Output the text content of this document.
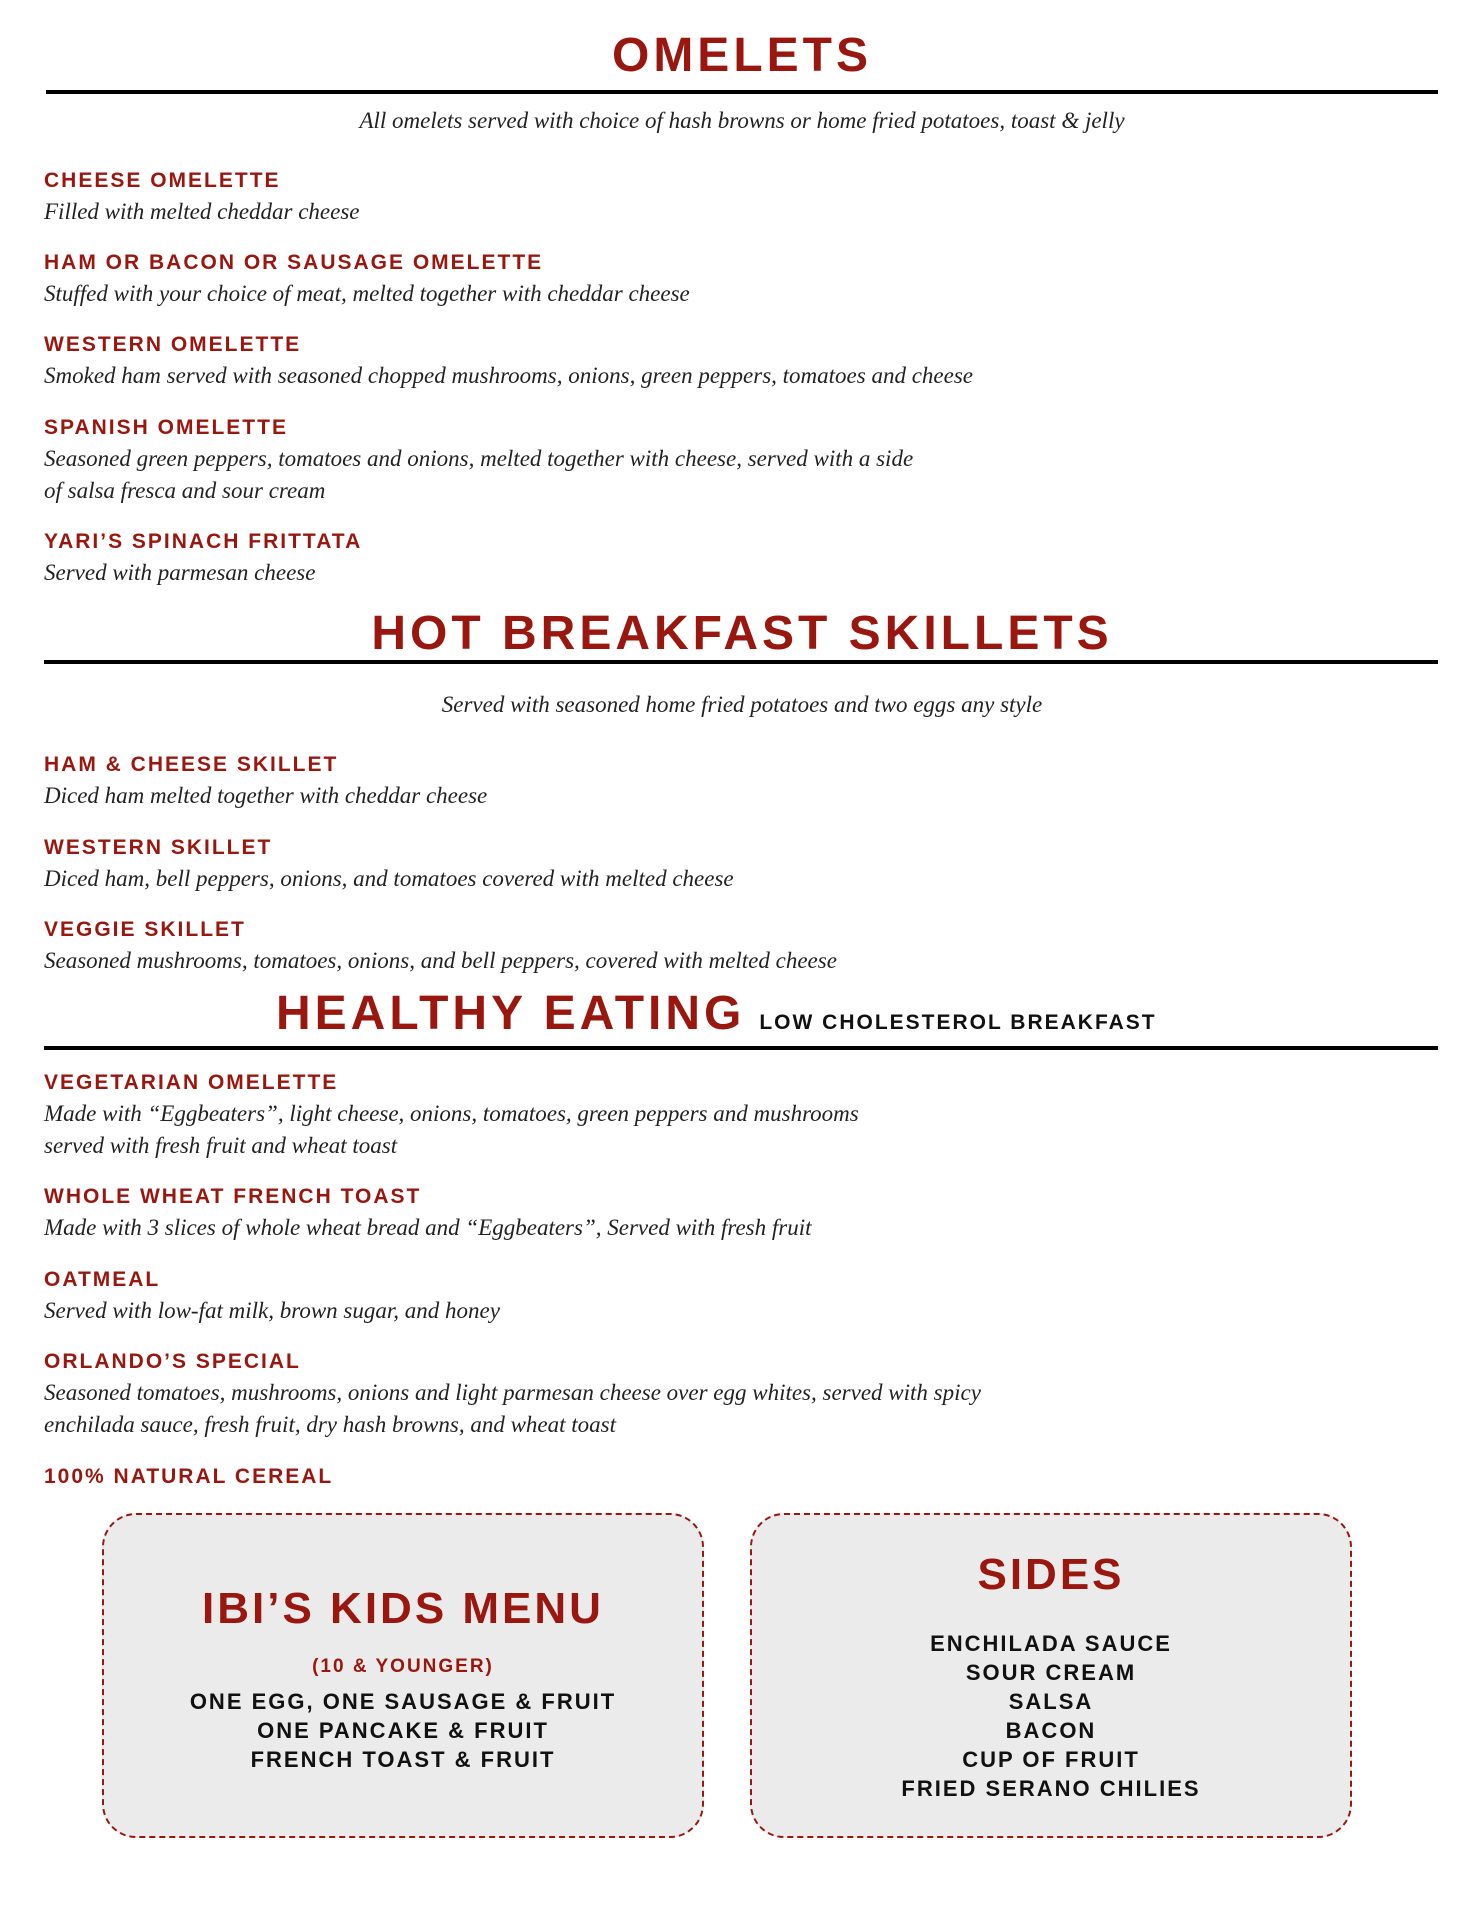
OMELETS

All omelets served with choice of hash browns or home fried potatoes, toast & jelly

CHEESE OMELETTE

Filled with melted cheddar cheese

HAM OR BACON OR SAUSAGE OMELETTE

Stuffed with your choice of meat, melted together with cheddar cheese

WESTERN OMELETTE

Smoked ham served with seasoned chopped mushrooms, onions, green peppers, tomatoes and cheese

SPANISH OMELETTE

Seasoned green peppers, tomatoes and onions, melted together with cheese, served with a side

of salsa fresca and sour cream

YARI’S SPINACH FRITTATA

Served with parmesan cheese

HOT BREAKFAST SKILLETS

Served with seasoned home fried potatoes and two eggs any style

HAM & CHEESE SKILLET

Diced ham melted together with cheddar cheese

WESTERN SKILLET

Diced ham, bell peppers, onions, and tomatoes covered with melted cheese

VEGGIE SKILLET

Seasoned mushrooms, tomatoes, onions, and bell peppers, covered with melted cheese

HEALTHY EATING LOW CHOLESTEROL BREAKFAST

VEGETARIAN OMELETTE

Made with “Eggbeaters”, light cheese, onions, tomatoes, green peppers and mushrooms

served with fresh fruit and wheat toast

WHOLE WHEAT FRENCH TOAST

Made with 3 slices of whole wheat bread and “Eggbeaters”, Served with fresh fruit

OATMEAL

Served with low-fat milk, brown sugar, and honey

ORLANDO’S SPECIAL

Seasoned tomatoes, mushrooms, onions and light parmesan cheese over egg whites, served with spicy

enchilada sauce, fresh fruit, dry hash browns, and wheat toast

100% NATURAL CEREAL

IBI’S KIDS MENU

(10 & YOUNGER)

ONE EGG, ONE SAUSAGE & FRUIT
ONE PANCAKE & FRUIT
FRENCH TOAST & FRUIT
SIDES
ENCHILADA SAUCE
SOUR CREAM
SALSA
BACON
CUP OF FRUIT
FRIED SERANO CHILIES
